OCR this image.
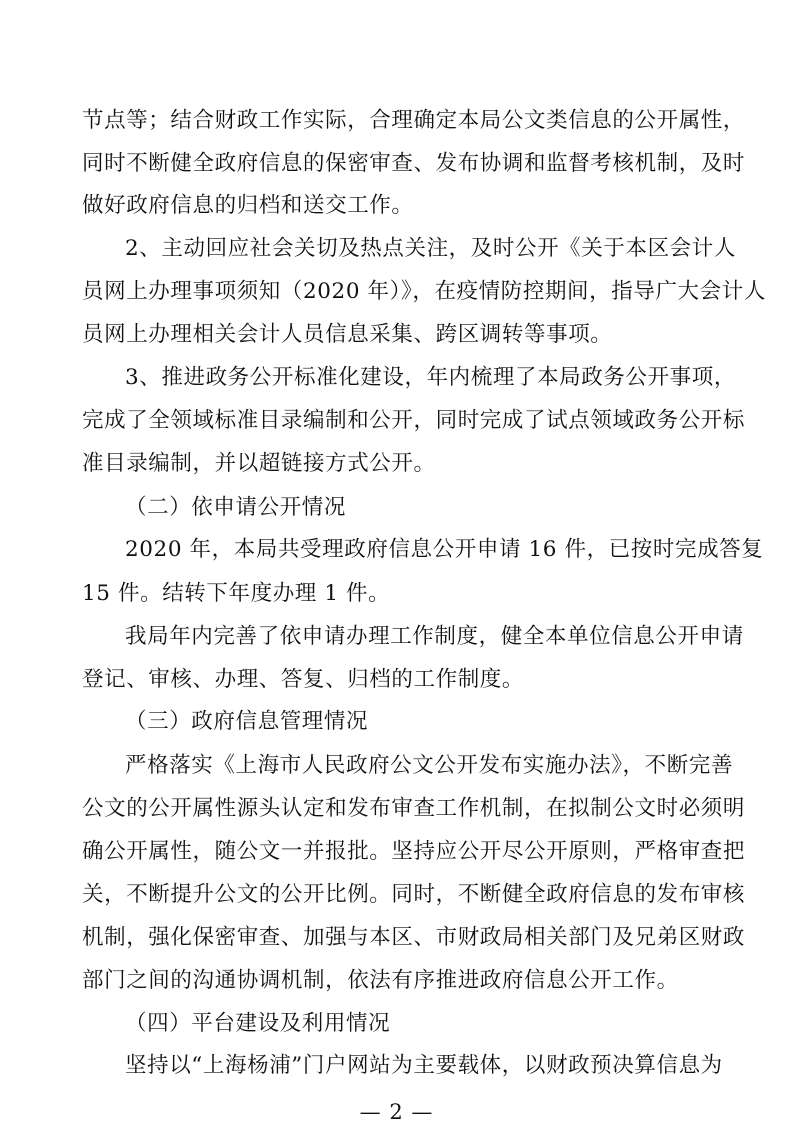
节点等；结合财政工作实际，合理确定本局公文类信息的公开属性，
同时不断健全政府信息的保密审查、发布协调和监督考核机制，及时
做好政府信息的归档和送交工作。
2、主动回应社会关切及热点关注，及时公开《关于本区会计人
员网上办理事项须知（2020 年）》，在疫情防控期间，指导广大会计人
员网上办理相关会计人员信息采集、跨区调转等事项。
3、推进政务公开标准化建设，年内梳理了本局政务公开事项，
完成了全领域标准目录编制和公开，同时完成了试点领域政务公开标
准目录编制，并以超链接方式公开。
（二）依申请公开情况
2020 年，本局共受理政府信息公开申请 16 件，已按时完成答复
15 件。结转下年度办理 1 件。
我局年内完善了依申请办理工作制度，健全本单位信息公开申请
登记、审核、办理、答复、归档的工作制度。
（三）政府信息管理情况
严格落实《上海市人民政府公文公开发布实施办法》，不断完善
公文的公开属性源头认定和发布审查工作机制，在拟制公文时必须明
确公开属性，随公文一并报批。坚持应公开尽公开原则，严格审查把
关，不断提升公文的公开比例。同时，不断健全政府信息的发布审核
机制，强化保密审查、加强与本区、市财政局相关部门及兄弟区财政
部门之间的沟通协调机制，依法有序推进政府信息公开工作。
（四）平台建设及利用情况
坚持以“上海杨浦”门户网站为主要载体，以财政预决算信息为
— 2 —
